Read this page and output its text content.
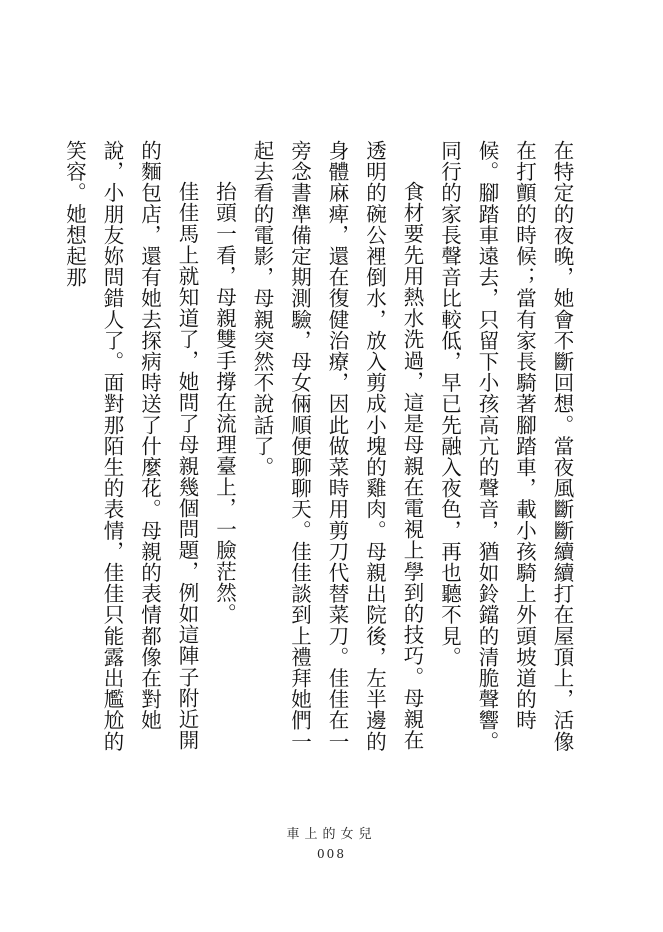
在特定的夜晚，她會不斷回想。當夜風斷斷續續打在屋頂上，活像在打顫的時候；當有家長騎著腳踏車，載小孩騎上外頭坡道的時候。腳踏車遠去，只留下小孩高亢的聲音，猶如鈴鐺的清脆聲響。同行的家長聲音比較低，早已先融入夜色，再也聽不見。

食材要先用熱水洗過，這是母親在電視上學到的技巧。母親在透明的碗公裡倒水，放入剪成小塊的雞肉。母親出院後，左半邊的身體麻痺，還在復健治療，因此做菜時用剪刀代替菜刀。佳佳在一旁念書準備定期測驗，母女倆順便聊聊天。佳佳談到上禮拜她們一起去看的電影，母親突然不說話了。

抬頭一看，母親雙手撐在流理臺上，一臉茫然。

佳佳馬上就知道了，她問了母親幾個問題，例如這陣子附近開的麵包店，還有她去探病時送了什麼花。母親的表情都像在對她說，小朋友妳問錯人了。面對那陌生的表情，佳佳只能露出尷尬的笑容。她想起那

車上的女兒
008
